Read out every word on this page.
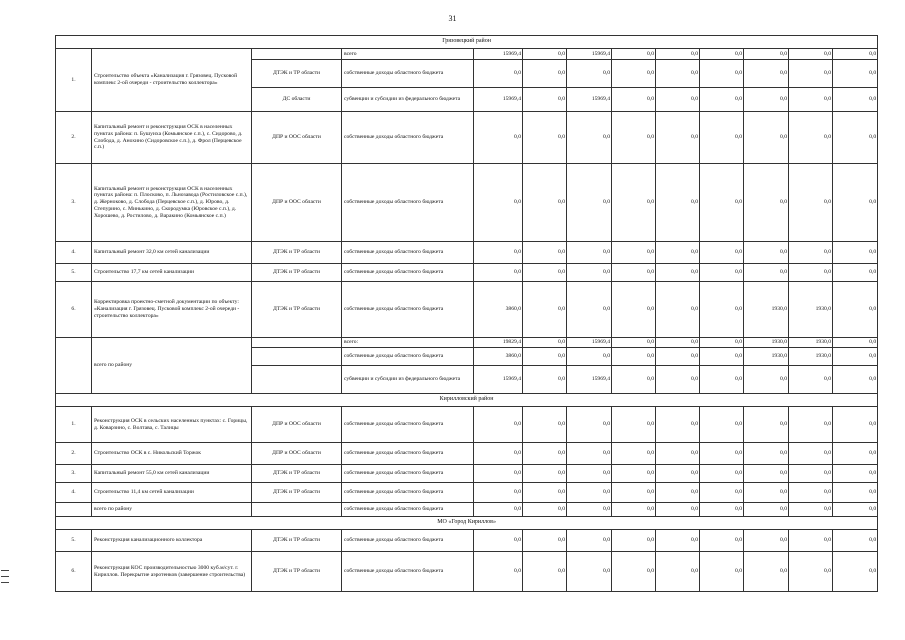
31
Грязовецкий район												
1.	Строительство объекта «Канализация г. Грязовец. Пусковой комплекс 2-ой очереди - строительство коллектора»		всего	15969,4	0,0	15969,4	0,0	0,0	0,0	0,0	0,0	0,0
		ДТЭК и ТР области	собственные доходы областного бюджета	0,0	0,0	0,0	0,0	0,0	0,0	0,0	0,0	0,0
		ДС области	субвенции и субсидии из федерального бюджета	15969,4	0,0	15969,4	0,0	0,0	0,0	0,0	0,0	0,0
2.	Капитальный ремонт и реконструкция ОСК в населенных пунктах района: п. Бушуиха (Комьянское с.п.), с. Сидорово, д. Слобода, д. Анохино (Сидоровское с.п.), д. Фрол (Перцевское с.п.)	ДПР и ООС области	собственные доходы областного бюджета	0,0	0,0	0,0	0,0	0,0	0,0	0,0	0,0	0,0
3.	Капитальный ремонт и реконструкция ОСК в населенных пунктах района: п. Плосково, п. Льнозавода (Ростиловское с.п.), д. Жерноково, д. Слобода (Перцевское с.п.), д. Юрово, д. Степурино, с. Минькино, д. Скородумка (Юровское с.п.), д. Хорошево, д. Ростилово, д. Варакино (Комьянское с.п.)	ДПР и ООС области	собственные доходы областного бюджета	0,0	0,0	0,0	0,0	0,0	0,0	0,0	0,0	0,0
4.	Капитальный ремонт 32,0 км сетей канализации	ДТЭК и ТР области	собственные доходы областного бюджета	0,0	0,0	0,0	0,0	0,0	0,0	0,0	0,0	0,0
5.	Строительство 17,7 км сетей канализации	ДТЭК и ТР области	собственные доходы областного бюджета	0,0	0,0	0,0	0,0	0,0	0,0	0,0	0,0	0,0
6.	Корректировка проектно-сметной документации по объекту: «Канализация г. Грязовец. Пусковой комплекс 2-ой очереди - строительство коллектора»	ДТЭК и ТР области	собственные доходы областного бюджета	3860,0	0,0	0,0	0,0	0,0	0,0	1930,0	1930,0	0,0
	всего по району		всего:	19829,4	0,0	15969,4	0,0	0,0	0,0	1930,0	1930,0	0,0
			собственные доходы областного бюджета	3860,0	0,0	0,0	0,0	0,0	0,0	1930,0	1930,0	0,0
			субвенции и субсидии из федерального бюджета	15969,4	0,0	15969,4	0,0	0,0	0,0	0,0	0,0	0,0
Кирилловский район												
1.	Реконструкция ОСК в сельских населенных пунктах: с. Горицы, д. Коварзино, с. Волтава, с. Талицы	ДПР и ООС области	собственные доходы областного бюджета	0,0	0,0	0,0	0,0	0,0	0,0	0,0	0,0	0,0
2.	Строительство ОСК в с. Никольский Торжок	ДПР и ООС области	собственные доходы областного бюджета	0,0	0,0	0,0	0,0	0,0	0,0	0,0	0,0	0,0
3.	Капитальный ремонт 55,0 км сетей канализации	ДТЭК и ТР области	собственные доходы областного бюджета	0,0	0,0	0,0	0,0	0,0	0,0	0,0	0,0	0,0
4.	Строительство 11,4 км сетей канализации	ДТЭК и ТР области	собственные доходы областного бюджета	0,0	0,0	0,0	0,0	0,0	0,0	0,0	0,0	0,0
	всего по району		собственные доходы областного бюджета	0,0	0,0	0,0	0,0	0,0	0,0	0,0	0,0	0,0
МО «Город Кириллов»												
5.	Реконструкция канализационного коллектора	ДТЭК и ТР области	собственные доходы областного бюджета	0,0	0,0	0,0	0,0	0,0	0,0	0,0	0,0	0,0
6.	Реконструкция КОС производительностью 3000 куб.м/сут. г. Кириллов. Перекрытие аэротенков (завершение строительства)	ДТЭК и ТР области	собственные доходы областного бюджета	0,0	0,0	0,0	0,0	0,0	0,0	0,0	0,0	0,0
